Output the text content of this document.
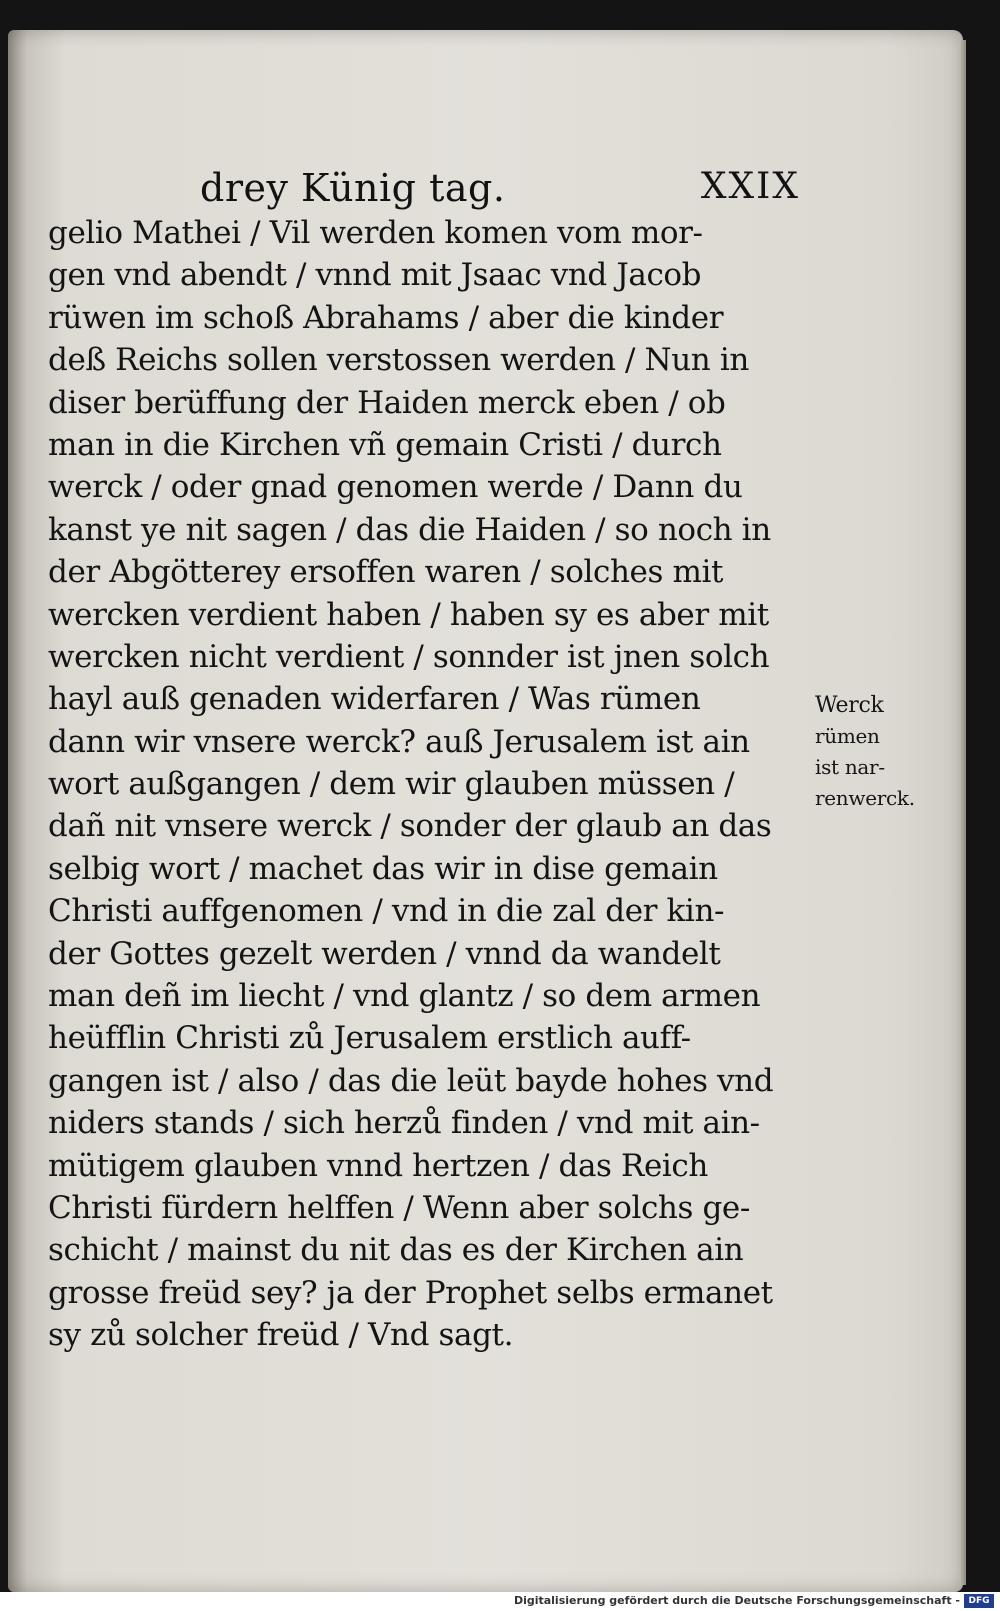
drey Künig tag.	XXIX
gelio Mathei / Vil werden komen vom mor-
gen vnd abendt / vnnd mit Jsaac vnd Jacob
rüwen im schoß Abrahams / aber die kinder
deß Reichs sollen verstossen werden / Nun in
diser berüffung der Haiden merck eben / ob
man in die Kirchen vñ gemain Cristi / durch
werck / oder gnad genomen werde / Dann du
kanst ye nit sagen / das die Haiden / so noch in
der Abgötterey ersoffen waren / solches mit
wercken verdient haben / haben sy es aber mit
wercken nicht verdient / sonnder ist jnen solch
hayl auß genaden widerfaren / Was rümen
dann wir vnsere werck? auß Jerusalem ist ain
wort außgangen / dem wir glauben müssen /
dañ nit vnsere werck / sonder der glaub an das
selbig wort / machet das wir in dise gemain
Christi auffgenomen / vnd in die zal der kin-
der Gottes gezelt werden / vnnd da wandelt
man deñ im liecht / vnd glantz / so dem armen
heüfflin Christi zů Jerusalem erstlich auff-
gangen ist / also / das die leüt bayde hohes vnd
niders stands / sich herzů finden / vnd mit ain-
mütigem glauben vnnd hertzen / das Reich
Christi fürdern helffen / Wenn aber solchs ge-
schicht / mainst du nit das es der Kirchen ain
grosse freüd sey? ja der Prophet selbs ermanet
sy zů solcher freüd / Vnd sagt.
Werck
rümen
ist nar-
renwerck.
Digitalisierung gefördert durch die Deutsche Forschungsgemeinschaft - DFG
